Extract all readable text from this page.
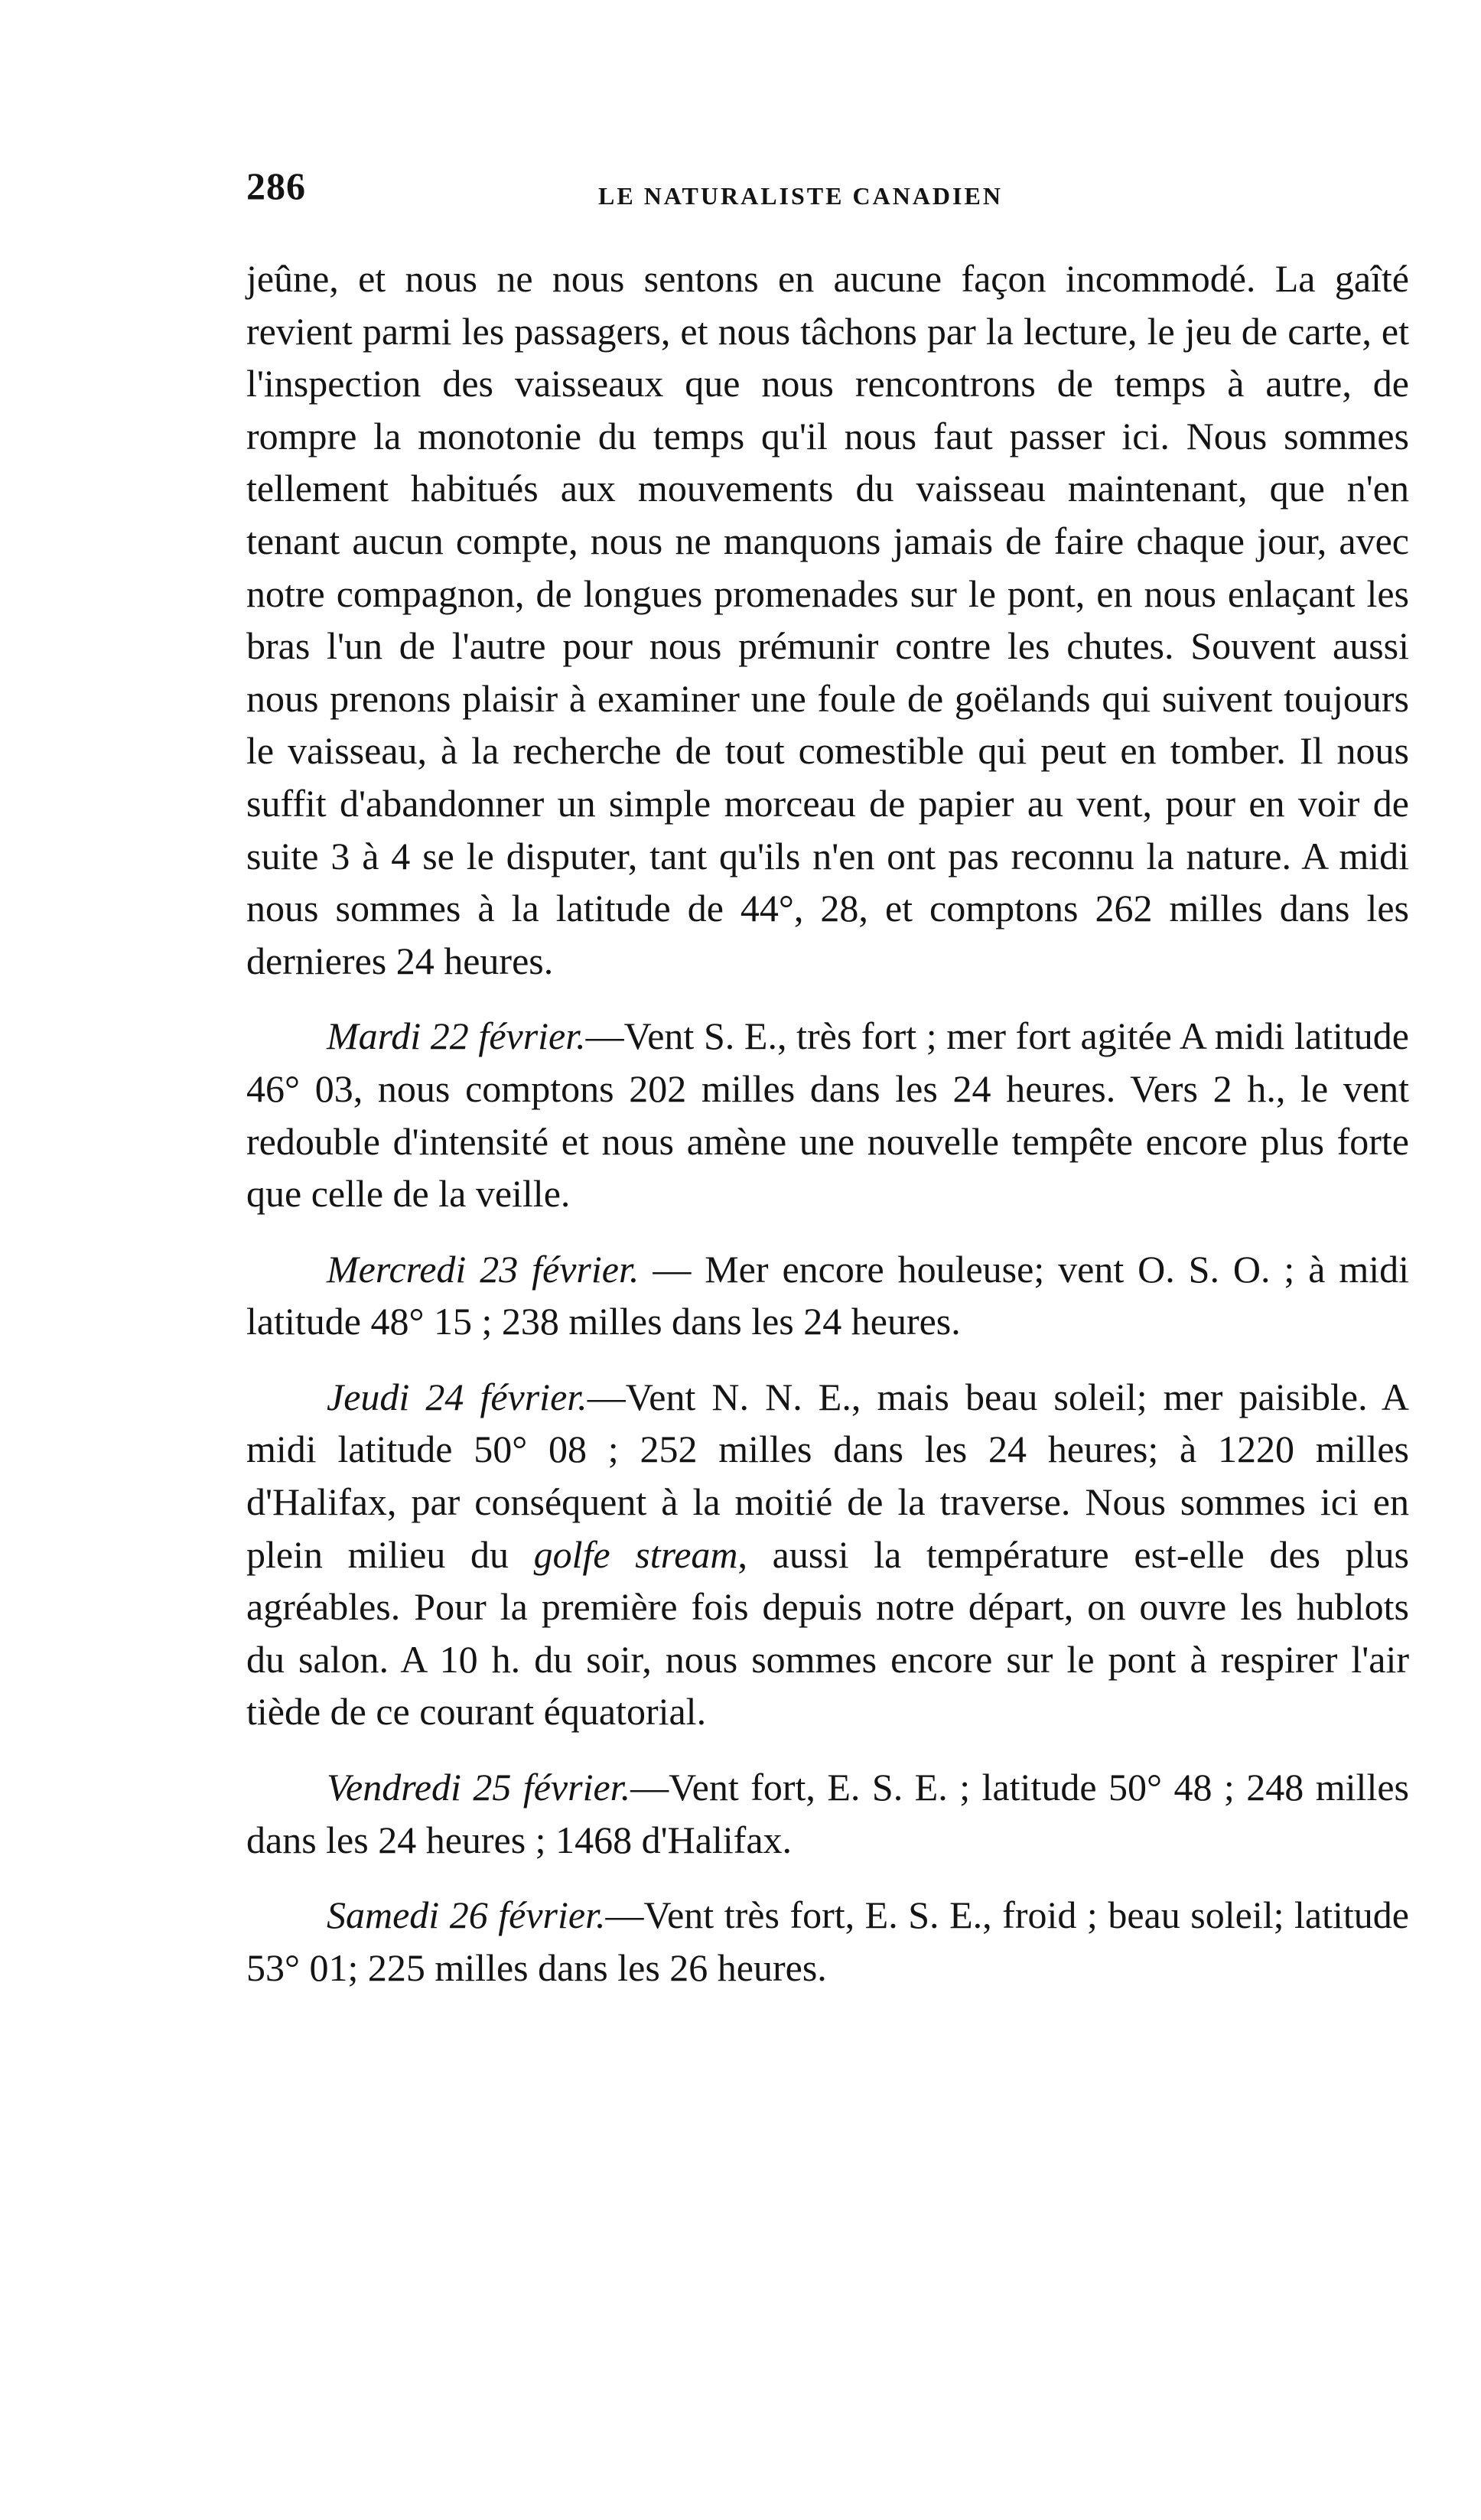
286	LE NATURALISTE CANADIEN

jeûne, et nous ne nous sentons en aucune façon incommodé. La gaîté revient parmi les passagers, et nous tâchons par la lecture, le jeu de carte, et l'inspection des vaisseaux que nous rencontrons de temps à autre, de rompre la monotonie du temps qu'il nous faut passer ici. Nous sommes tellement habitués aux mouvements du vaisseau maintenant, que n'en tenant aucun compte, nous ne manquons jamais de faire chaque jour, avec notre compagnon, de longues promenades sur le pont, en nous enlaçant les bras l'un de l'autre pour nous prémunir contre les chutes. Souvent aussi nous prenons plaisir à examiner une foule de goëlands qui suivent toujours le vaisseau, à la recherche de tout comestible qui peut en tomber. Il nous suffit d'abandonner un simple morceau de papier au vent, pour en voir de suite 3 à 4 se le disputer, tant qu'ils n'en ont pas reconnu la nature. A midi nous sommes à la latitude de 44°, 28, et comptons 262 milles dans les dernieres 24 heures.

Mardi 22 février.—Vent S. E., très fort ; mer fort agitée A midi latitude 46° 03, nous comptons 202 milles dans les 24 heures. Vers 2 h., le vent redouble d'intensité et nous amène une nouvelle tempête encore plus forte que celle de la veille.

Mercredi 23 février. — Mer encore houleuse; vent O. S. O. ; à midi latitude 48° 15 ; 238 milles dans les 24 heures.

Jeudi 24 février.—Vent N. N. E., mais beau soleil; mer paisible. A midi latitude 50° 08 ; 252 milles dans les 24 heures; à 1220 milles d'Halifax, par conséquent à la moitié de la traverse. Nous sommes ici en plein milieu du golfe stream, aussi la température est-elle des plus agréables. Pour la première fois depuis notre départ, on ouvre les hublots du salon. A 10 h. du soir, nous sommes encore sur le pont à respirer l'air tiède de ce courant équatorial.

Vendredi 25 février.—Vent fort, E. S. E. ; latitude 50° 48 ; 248 milles dans les 24 heures ; 1468 d'Halifax.

Samedi 26 février.—Vent très fort, E. S. E., froid ; beau soleil; latitude 53° 01; 225 milles dans les 26 heures.
